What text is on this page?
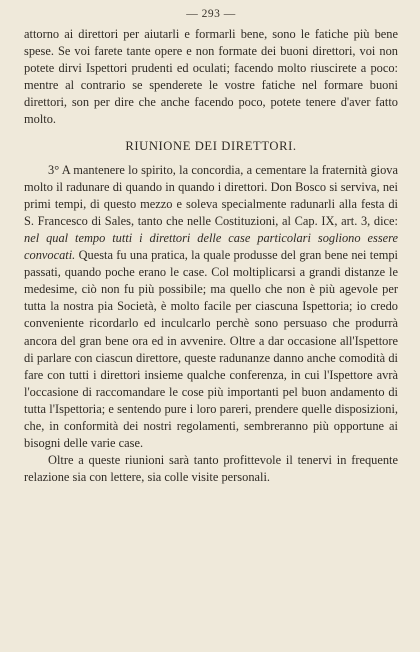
— 293 —

attorno ai direttori per aiutarli e formarli bene, sono le fatiche più bene spese. Se voi farete tante opere e non formate dei buoni direttori, voi non potete dirvi Ispettori prudenti ed oculati; facendo molto riuscirete a poco: mentre al contrario se spenderete le vostre fatiche nel formare buoni direttori, son per dire che anche facendo poco, potete tenere d'aver fatto molto.

RIUNIONE DEI DIRETTORI.

3° A mantenere lo spirito, la concordia, a cementare la fraternità giova molto il radunare di quando in quando i direttori. Don Bosco si serviva, nei primi tempi, di questo mezzo e soleva specialmente radunarli alla festa di S. Francesco di Sales, tanto che nelle Costituzioni, al Cap. IX, art. 3, dice: nel qual tempo tutti i direttori delle case particolari sogliono essere convocati. Questa fu una pratica, la quale produsse del gran bene nei tempi passati, quando poche erano le case. Col moltiplicarsi a grandi distanze le medesime, ciò non fu più possibile; ma quello che non è più agevole per tutta la nostra pia Società, è molto facile per ciascuna Ispettoria; io credo conveniente ricordarlo ed inculcarlo perchè sono persuaso che produrrà ancora del gran bene ora ed in avvenire. Oltre a dar occasione all'Ispettore di parlare con ciascun direttore, queste radunanze danno anche comodità di fare con tutti i direttori insieme qualche conferenza, in cui l'Ispettore avrà l'occasione di raccomandare le cose più importanti pel buon andamento di tutta l'Ispettoria; e sentendo pure i loro pareri, prendere quelle disposizioni, che, in conformità dei nostri regolamenti, sembreranno più opportune ai bisogni delle varie case.

Oltre a queste riunioni sarà tanto profittevole il tenervi in frequente relazione sia con lettere, sia colle visite personali.
